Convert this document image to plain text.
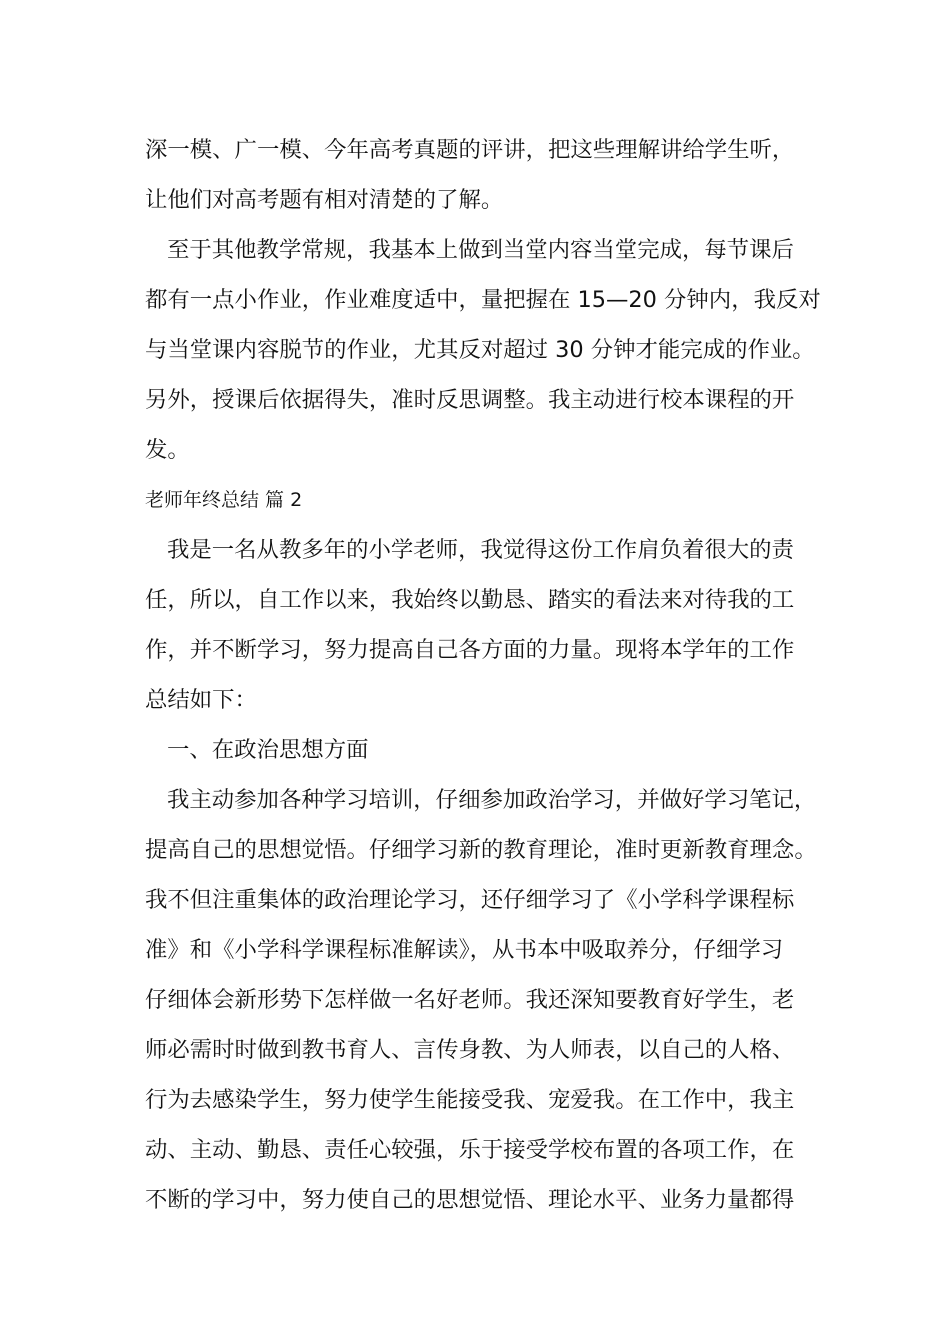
深一模、广一模、今年高考真题的评讲，把这些理解讲给学生听，
让他们对高考题有相对清楚的了解。
至于其他教学常规，我基本上做到当堂内容当堂完成，每节课后
都有一点小作业，作业难度适中，量把握在 15—20 分钟内，我反对
与当堂课内容脱节的作业，尤其反对超过 30 分钟才能完成的作业。
另外，授课后依据得失，准时反思调整。我主动进行校本课程的开
发。
老师年终总结 篇 2
我是一名从教多年的小学老师，我觉得这份工作肩负着很大的责
任，所以，自工作以来，我始终以勤恳、踏实的看法来对待我的工
作，并不断学习，努力提高自己各方面的力量。现将本学年的工作
总结如下：
一、在政治思想方面
我主动参加各种学习培训，仔细参加政治学习，并做好学习笔记，
提高自己的思想觉悟。仔细学习新的教育理论，准时更新教育理念。
我不但注重集体的政治理论学习，还仔细学习了《小学科学课程标
准》和《小学科学课程标准解读》，从书本中吸取养分，仔细学习
仔细体会新形势下怎样做一名好老师。我还深知要教育好学生，老
师必需时时做到教书育人、言传身教、为人师表，以自己的人格、
行为去感染学生，努力使学生能接受我、宠爱我。在工作中，我主
动、主动、勤恳、责任心较强，乐于接受学校布置的各项工作，在
不断的学习中，努力使自己的思想觉悟、理论水平、业务力量都得
